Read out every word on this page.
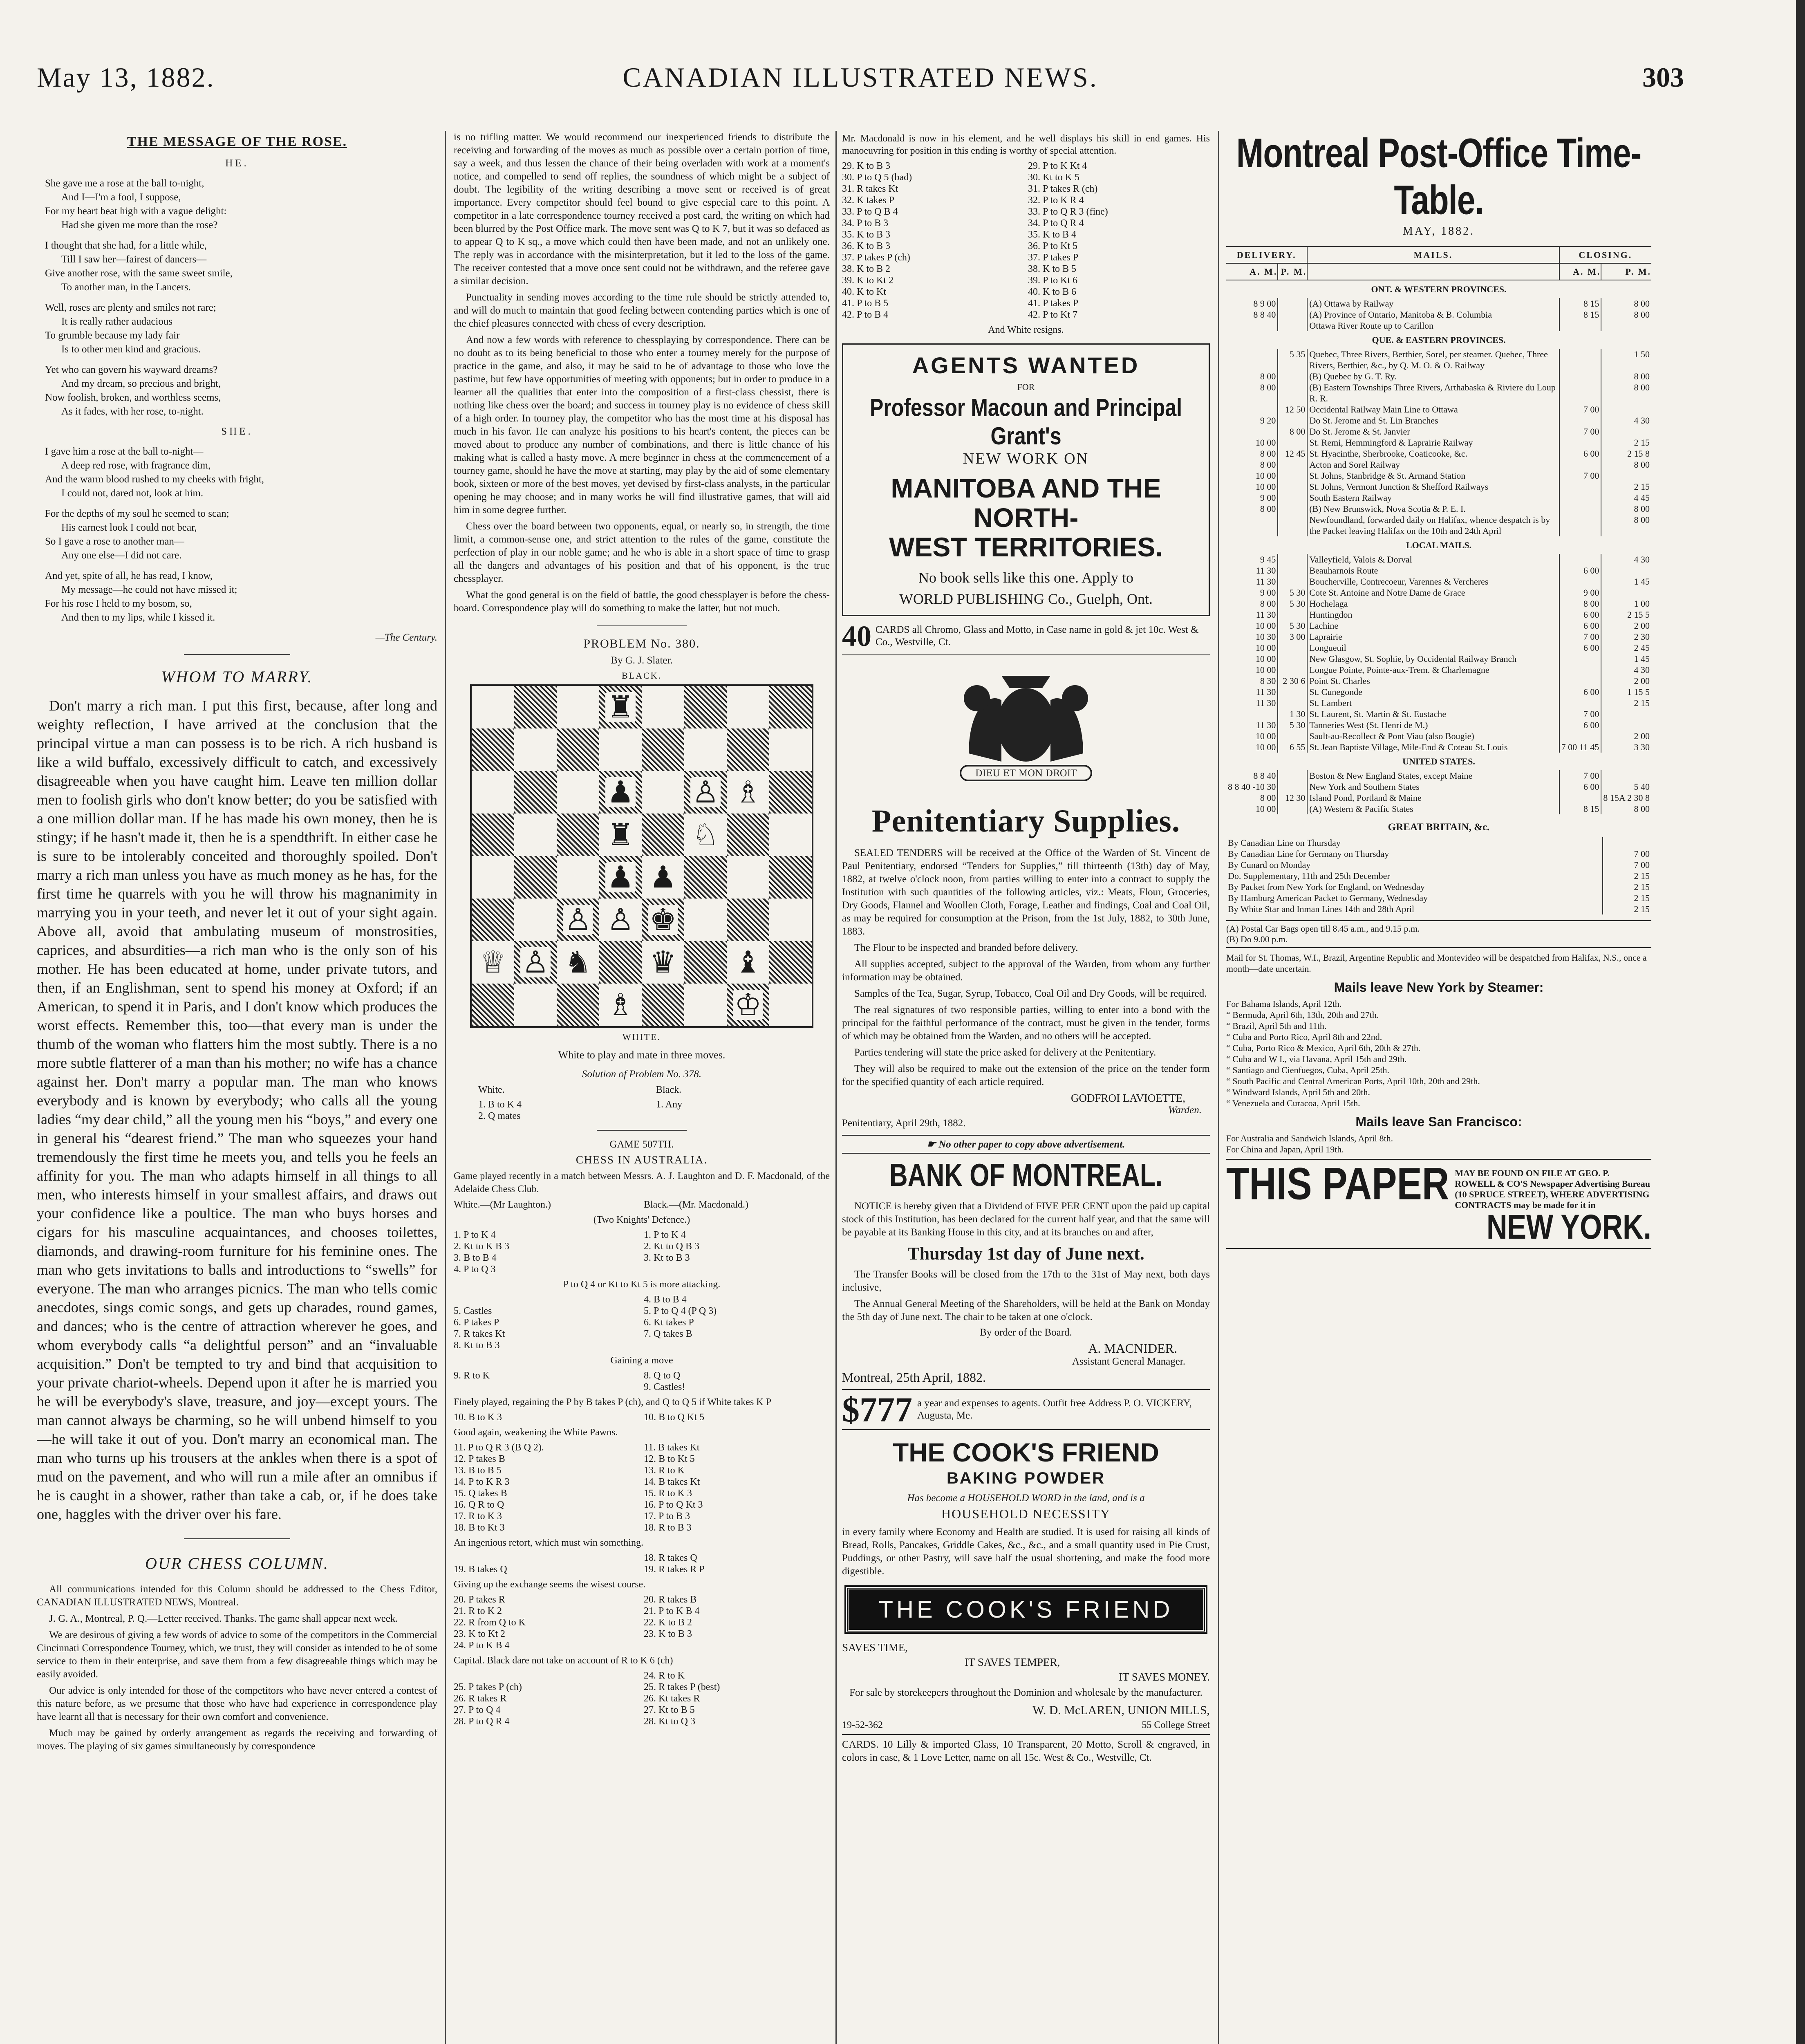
May 13, 1882.	CANADIAN ILLUSTRATED NEWS.	303
THE MESSAGE OF THE ROSE.
HE.
She gave me a rose at the ball to-night,
And I—I'm a fool, I suppose,
For my heart beat high with a vague delight:
Had she given me more than the rose?
I thought that she had, for a little while,
Till I saw her—fairest of dancers—
Give another rose, with the same sweet smile,
To another man, in the Lancers.
Well, roses are plenty and smiles not rare;
It is really rather audacious
To grumble because my lady fair
Is to other men kind and gracious.
Yet who can govern his wayward dreams?
And my dream, so precious and bright,
Now foolish, broken, and worthless seems,
As it fades, with her rose, to-night.
SHE.
I gave him a rose at the ball to-night—
A deep red rose, with fragrance dim,
And the warm blood rushed to my cheeks with fright,
I could not, dared not, look at him.
For the depths of my soul he seemed to scan;
His earnest look I could not bear,
So I gave a rose to another man—
Any one else—I did not care.
And yet, spite of all, he has read, I know,
My message—he could not have missed it;
For his rose I held to my bosom, so,
And then to my lips, while I kissed it.
—The Century.
WHOM TO MARRY.

Don't marry a rich man. I put this first, because, after long and weighty reflection, I have arrived at the conclusion that the principal virtue a man can possess is to be rich. A rich husband is like a wild buffalo, excessively difficult to catch, and excessively disagreeable when you have caught him. Leave ten million dollar men to foolish girls who don't know better; do you be satisfied with a one million dollar man. If he has made his own money, then he is stingy; if he hasn't made it, then he is a spendthrift. In either case he is sure to be intolerably conceited and thoroughly spoiled. Don't marry a rich man unless you have as much money as he has, for the first time he quarrels with you he will throw his magnanimity in marrying you in your teeth, and never let it out of your sight again. Above all, avoid that ambulating museum of monstrosities, caprices, and absurdities—a rich man who is the only son of his mother. He has been educated at home, under private tutors, and then, if an Englishman, sent to spend his money at Oxford; if an American, to spend it in Paris, and I don't know which produces the worst effects. Remember this, too—that every man is under the thumb of the woman who flatters him the most subtly. There is a no more subtle flatterer of a man than his mother; no wife has a chance against her. Don't marry a popular man. The man who knows everybody and is known by everybody; who calls all the young ladies “my dear child,” all the young men his “boys,” and every one in general his “dearest friend.” The man who squeezes your hand tremendously the first time he meets you, and tells you he feels an affinity for you. The man who adapts himself in all things to all men, who interests himself in your smallest affairs, and draws out your confidence like a poultice. The man who buys horses and cigars for his masculine acquaintances, and chooses toilettes, diamonds, and drawing-room furniture for his feminine ones. The man who gets invitations to balls and introductions to “swells” for everyone. The man who arranges picnics. The man who tells comic anecdotes, sings comic songs, and gets up charades, round games, and dances; who is the centre of attraction wherever he goes, and whom everybody calls “a delightful person” and an “invaluable acquisition.” Don't be tempted to try and bind that acquisition to your private chariot-wheels. Depend upon it after he is married you he will be everybody's slave, treasure, and joy—except yours. The man cannot always be charming, so he will unbend himself to you—he will take it out of you. Don't marry an economical man. The man who turns up his trousers at the ankles when there is a spot of mud on the pavement, and who will run a mile after an omnibus if he is caught in a shower, rather than take a cab, or, if he does take one, haggles with the driver over his fare.

OUR CHESS COLUMN.

All communications intended for this Column should be addressed to the Chess Editor, CANADIAN ILLUSTRATED NEWS, Montreal.

J. G. A., Montreal, P. Q.—Letter received. Thanks. The game shall appear next week.

We are desirous of giving a few words of advice to some of the competitors in the Commercial Cincinnati Correspondence Tourney, which, we trust, they will consider as intended to be of some service to them in their enterprise, and save them from a few disagreeable things which may be easily avoided.

Our advice is only intended for those of the competitors who have never entered a contest of this nature before, as we presume that those who have had experience in correspondence play have learnt all that is necessary for their own comfort and convenience.

Much may be gained by orderly arrangement as regards the receiving and forwarding of moves. The playing of six games simultaneously by correspondence

is no trifling matter. We would recommend our inexperienced friends to distribute the receiving and forwarding of the moves as much as possible over a certain portion of time, say a week, and thus lessen the chance of their being overladen with work at a moment's notice, and compelled to send off replies, the soundness of which might be a subject of doubt. The legibility of the writing describing a move sent or received is of great importance. Every competitor should feel bound to give especial care to this point. A competitor in a late correspondence tourney received a post card, the writing on which had been blurred by the Post Office mark. The move sent was Q to K 7, but it was so defaced as to appear Q to K sq., a move which could then have been made, and not an unlikely one. The reply was in accordance with the misinterpretation, but it led to the loss of the game. The receiver contested that a move once sent could not be withdrawn, and the referee gave a similar decision.

Punctuality in sending moves according to the time rule should be strictly attended to, and will do much to maintain that good feeling between contending parties which is one of the chief pleasures connected with chess of every description.

And now a few words with reference to chessplaying by correspondence. There can be no doubt as to its being beneficial to those who enter a tourney merely for the purpose of practice in the game, and also, it may be said to be of advantage to those who love the pastime, but few have opportunities of meeting with opponents; but in order to produce in a learner all the qualities that enter into the composition of a first-class chessist, there is nothing like chess over the board; and success in tourney play is no evidence of chess skill of a high order. In tourney play, the competitor who has the most time at his disposal has much in his favor. He can analyze his positions to his heart's content, the pieces can be moved about to produce any number of combinations, and there is little chance of his making what is called a hasty move. A mere beginner in chess at the commencement of a tourney game, should he have the move at starting, may play by the aid of some elementary book, sixteen or more of the best moves, yet devised by first-class analysts, in the particular opening he may choose; and in many works he will find illustrative games, that will aid him in some degree further.

Chess over the board between two opponents, equal, or nearly so, in strength, the time limit, a common-sense one, and strict attention to the rules of the game, constitute the perfection of play in our noble game; and he who is able in a short space of time to grasp all the dangers and advantages of his position and that of his opponent, is the true chessplayer.

What the good general is on the field of battle, the good chessplayer is before the chess-board. Correspondence play will do something to make the latter, but not much.

PROBLEM No. 380.
By G. J. Slater.
BLACK.
♜
♟ ♙ ♗
♜ ♘
♟ ♟
♙ ♙ ♚
♕ ♙ ♞ ♛ ♝
♗	♔
WHITE.
White to play and mate in three moves.
Solution of Problem No. 378.
White.	Black.
1. B to K 4	1. Any
2. Q mates
GAME 507TH.
CHESS IN AUSTRALIA.
Game played recently in a match between Messrs. A. J. Laughton and D. F. Macdonald, of the Adelaide Chess Club.
White.—(Mr Laughton.)	Black.—(Mr. Macdonald.)
(Two Knights' Defence.)
1. P to K 4	1. P to K 4
2. Kt to K B 3	2. Kt to Q B 3
3. B to B 4	3. Kt to B 3
4. P to Q 3
P to Q 4 or Kt to Kt 5 is more attacking.
4. B to B 4
5. Castles	5. P to Q 4 (P Q 3)
6. P takes P	6. Kt takes P
7. R takes Kt	7. Q takes B
8. Kt to B 3
Gaining a move
9. R to K	8. Q to Q
9. Castles!
Finely played, regaining the P by B takes P (ch), and Q to Q 5 if White takes K P
10. B to K 3	10. B to Q Kt 5
Good again, weakening the White Pawns.
11. P to Q R 3 (B Q 2).	11. B takes Kt
12. P takes B	12. B to Kt 5
13. B to B 5	13. R to K
14. P to K R 3	14. B takes Kt
15. Q takes B	15. R to K 3
16. Q R to Q	16. P to Q Kt 3
17. R to K 3	17. P to B 3
18. B to Kt 3	18. R to B 3
An ingenious retort, which must win something.
18. R takes Q
19. B takes Q	19. R takes R P
Giving up the exchange seems the wisest course.
20. P takes R	20. R takes B
21. R to K 2	21. P to K B 4
22. R from Q to K	22. K to B 2
23. K to Kt 2	23. K to B 3
24. P to K B 4
Capital. Black dare not take on account of R to K 6 (ch)
24. R to K
25. P takes P (ch)	25. R takes P (best)
26. R takes R	26. Kt takes R
27. P to Q 4	27. Kt to B 5
28. P to Q R 4	28. Kt to Q 3
Mr. Macdonald is now in his element, and he well displays his skill in end games. His manoeuvring for position in this ending is worthy of special attention.
29. K to B 3	29. P to K Kt 4
30. P to Q 5 (bad)	30. Kt to K 5
31. R takes Kt	31. P takes R (ch)
32. K takes P	32. P to K R 4
33. P to Q B 4	33. P to Q R 3 (fine)
34. P to B 3	34. P to Q R 4
35. K to B 3	35. K to B 4
36. K to B 3	36. P to Kt 5
37. P takes P (ch)	37. P takes P
38. K to B 2	38. K to B 5
39. K to Kt 2	39. P to Kt 6
40. K to Kt	40. K to B 6
41. P to B 5	41. P takes P
42. P to B 4	42. P to Kt 7
And White resigns.
AGENTS WANTED
FOR
Professor Macoun and Principal Grant's
NEW WORK ON
MANITOBA AND THE NORTH-
WEST TERRITORIES.
No book sells like this one. Apply to
WORLD PUBLISHING Co., Guelph, Ont.
40 CARDS all Chromo, Glass and Motto, in Case name in gold & jet 10c. West & Co., Westville, Ct.
DIEU ET MON DROIT
Penitentiary Supplies.

SEALED TENDERS will be received at the Office of the Warden of St. Vincent de Paul Penitentiary, endorsed “Tenders for Supplies,” till thirteenth (13th) day of May, 1882, at twelve o'clock noon, from parties willing to enter into a contract to supply the Institution with such quantities of the following articles, viz.: Meats, Flour, Groceries, Dry Goods, Flannel and Woollen Cloth, Forage, Leather and findings, Coal and Coal Oil, as may be required for consumption at the Prison, from the 1st July, 1882, to 30th June, 1883.

The Flour to be inspected and branded before delivery.

All supplies accepted, subject to the approval of the Warden, from whom any further information may be obtained.

Samples of the Tea, Sugar, Syrup, Tobacco, Coal Oil and Dry Goods, will be required.

The real signatures of two responsible parties, willing to enter into a bond with the principal for the faithful performance of the contract, must be given in the tender, forms of which may be obtained from the Warden, and no others will be accepted.

Parties tendering will state the price asked for delivery at the Penitentiary.

They will also be required to make out the extension of the price on the tender form for the specified quantity of each article required.

GODFROI LAVIOETTE,
Warden.
Penitentiary, April 29th, 1882.
☛ No other paper to copy above advertisement.
BANK OF MONTREAL.

NOTICE is hereby given that a Dividend of FIVE PER CENT upon the paid up capital stock of this Institution, has been declared for the current half year, and that the same will be payable at its Banking House in this city, and at its branches on and after,

Thursday 1st day of June next.

The Transfer Books will be closed from the 17th to the 31st of May next, both days inclusive,

The Annual General Meeting of the Shareholders, will be held at the Bank on Monday the 5th day of June next. The chair to be taken at one o'clock.

By order of the Board.
A. MACNIDER.
Assistant General Manager.
Montreal, 25th April, 1882.
$777 a year and expenses to agents. Outfit free Address P. O. VICKERY, Augusta, Me.
THE COOK'S FRIEND
BAKING POWDER
Has become a HOUSEHOLD WORD in the land, and is a
HOUSEHOLD NECESSITY
in every family where Economy and Health are studied. It is used for raising all kinds of Bread, Rolls, Pancakes, Griddle Cakes, &c., &c., and a small quantity used in Pie Crust, Puddings, or other Pastry, will save half the usual shortening, and make the food more digestible.
THE COOK'S FRIEND
SAVES TIME,
IT SAVES TEMPER,
IT SAVES MONEY.
For sale by storekeepers throughout the Dominion and wholesale by the manufacturer.
W. D. McLAREN, UNION MILLS,
19-52-362	55 College Street
CARDS. 10 Lilly & imported Glass, 10 Transparent, 20 Motto, Scroll & engraved, in colors in case, & 1 Love Letter, name on all 15c. West & Co., Westville, Ct.
Montreal Post-Office Time-Table.
MAY, 1882.
DELIVERY.		MAILS.	CLOSING.	
A. M.	P. M.		A. M.	P. M.
ONT. & WESTERN PROVINCES.				
8 9 00		(A) Ottawa by Railway	8 15	8 00
8 8 40		(A) Province of Ontario, Manitoba & B. Columbia	8 15	8 00
		Ottawa River Route up to Carillon		
QUE. & EASTERN PROVINCES.				
	5 35	Quebec, Three Rivers, Berthier, Sorel, per steamer. Quebec, Three Rivers, Berthier, &c., by Q. M. O. & O. Railway		1 50
8 00		(B) Quebec by G. T. Ry.		8 00
8 00		(B) Eastern Townships Three Rivers, Arthabaska & Riviere du Loup R. R.		8 00
	12 50	Occidental Railway Main Line to Ottawa	7 00	
9 20		Do St. Jerome and St. Lin Branches		4 30
	8 00	Do St. Jerome & St. Janvier	7 00	
10 00		St. Remi, Hemmingford & Laprairie Railway		2 15
8 00	12 45	St. Hyacinthe, Sherbrooke, Coaticooke, &c.	6 00	2 15 8
8 00		Acton and Sorel Railway		8 00
10 00		St. Johns, Stanbridge & St. Armand Station	7 00	
10 00		St. Johns, Vermont Junction & Shefford Railways		2 15
9 00		South Eastern Railway		4 45
8 00		(B) New Brunswick, Nova Scotia & P. E. I.		8 00
		Newfoundland, forwarded daily on Halifax, whence despatch is by the Packet leaving Halifax on the 10th and 24th April		8 00
LOCAL MAILS.				
9 45		Valleyfield, Valois & Dorval		4 30
11 30		Beauharnois Route	6 00	
11 30		Boucherville, Contrecoeur, Varennes & Vercheres		1 45
9 00	5 30	Cote St. Antoine and Notre Dame de Grace	9 00	
8 00	5 30	Hochelaga	8 00	1 00
11 30		Huntingdon	6 00	2 15 5
10 00	5 30	Lachine	6 00	2 00
10 30	3 00	Laprairie	7 00	2 30
10 00		Longueuil	6 00	2 45
10 00		New Glasgow, St. Sophie, by Occidental Railway Branch		1 45
10 00		Longue Pointe, Pointe-aux-Trem. & Charlemagne		4 30
8 30	2 30 6	Point St. Charles		2 00
11 30		St. Cunegonde	6 00	1 15 5
11 30		St. Lambert		2 15
	1 30	St. Laurent, St. Martin & St. Eustache	7 00	
11 30	5 30	Tanneries West (St. Henri de M.)	6 00	
10 00		Sault-au-Recollect & Pont Viau (also Bougie)		2 00
10 00	6 55	St. Jean Baptiste Village, Mile-End & Coteau St. Louis	7 00 11 45	3 30
UNITED STATES.				
8 8 40		Boston & New England States, except Maine	7 00	
8 8 40 -10 30		New York and Southern States	6 00	5 40
8 00	12 30	Island Pond, Portland & Maine		8 15A 2 30 8
10 00		(A) Western & Pacific States	8 15	8 00
GREAT BRITAIN, &c.
By Canadian Line on Thursday	
By Canadian Line for Germany on Thursday	7 00
By Cunard on Monday	7 00
Do. Supplementary, 11th and 25th December	2 15
By Packet from New York for England, on Wednesday	2 15
By Hamburg American Packet to Germany, Wednesday	2 15
By White Star and Inman Lines 14th and 28th April	2 15
(A) Postal Car Bags open till 8.45 a.m., and 9.15 p.m.
(B) Do 9.00 p.m.
Mail for St. Thomas, W.I., Brazil, Argentine Republic and Montevideo will be despatched from Halifax, N.S., once a month—date uncertain.
Mails leave New York by Steamer:
For Bahama Islands, April 12th.
“ Bermuda, April 6th, 13th, 20th and 27th.
“ Brazil, April 5th and 11th.
“ Cuba and Porto Rico, April 8th and 22nd.
“ Cuba, Porto Rico & Mexico, April 6th, 20th & 27th.
“ Cuba and W I., via Havana, April 15th and 29th.
“ Santiago and Cienfuegos, Cuba, April 25th.
“ South Pacific and Central American Ports, April 10th, 20th and 29th.
“ Windward Islands, April 5th and 20th.
“ Venezuela and Curacoa, April 15th.
Mails leave San Francisco:
For Australia and Sandwich Islands, April 8th.
For China and Japan, April 19th.
THIS PAPER MAY BE FOUND ON FILE AT GEO. P. ROWELL & CO'S Newspaper Advertising Bureau (10 SPRUCE STREET), WHERE ADVERTISING CONTRACTS may be made for it in
NEW YORK.
